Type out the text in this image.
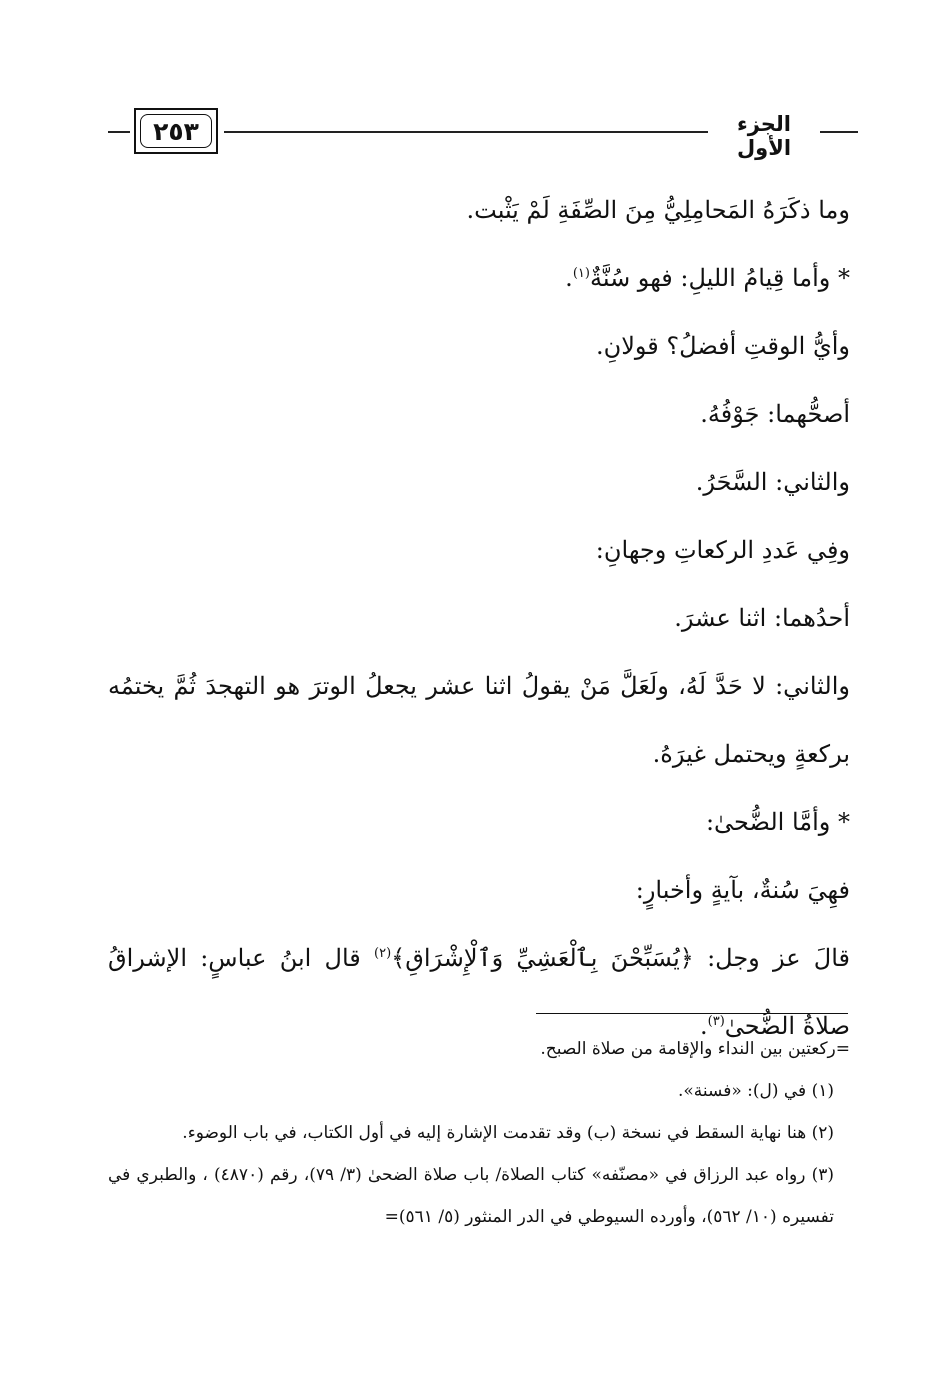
٢٥٣	الجزء الأول

وما ذكَرَهُ المَحامِلِيُّ مِنَ الصِّفَةِ لَمْ يَثْبت.

* وأما قِيامُ الليلِ: فهو سُنَّةٌ$^{(١)}$.

وأيُّ الوقتِ أفضلُ؟ قولانِ.

أصحُّهما: جَوْفُهُ.

والثاني: السَّحَرُ.

وفِي عَددِ الركعاتِ وجهانِ:

أحدُهما: اثنا عشرَ.

والثاني: لا حَدَّ لَهُ، ولَعَلَّ مَنْ يقولُ اثنا عشر يجعلُ الوترَ هو التهجدَ ثُمَّ يختمُه بركعةٍ ويحتمل غيرَهُ.

* وأمَّا الضُّحىٰ:

فهِيَ سُنةٌ، بآيةٍ وأخبارٍ:

قالَ عز وجل: ﴿يُسَبِّحْنَ بِٱلْعَشِيِّ وَٱلْإِشْرَاقِ﴾$^{(٢)}$ قال ابنُ عباسٍ: الإشراقُ صلاةُ الضُّحىٰ$^{(٣)}$.

=ركعتين بين النداء والإقامة من صلاة الصبح.

(١) في (ل): «فسنة».

(٢) هنا نهاية السقط في نسخة (ب) وقد تقدمت الإشارة إليه في أول الكتاب، في باب الوضوء.

(٣) رواه عبد الرزاق في «مصنّفه» كتاب الصلاة/ باب صلاة الضحىٰ (٣/ ٧٩)، رقم (٤٨٧٠) ، والطبري في تفسيره (١٠/ ٥٦٢)، وأورده السيوطي في الدر المنثور (٥/ ٥٦١)=
